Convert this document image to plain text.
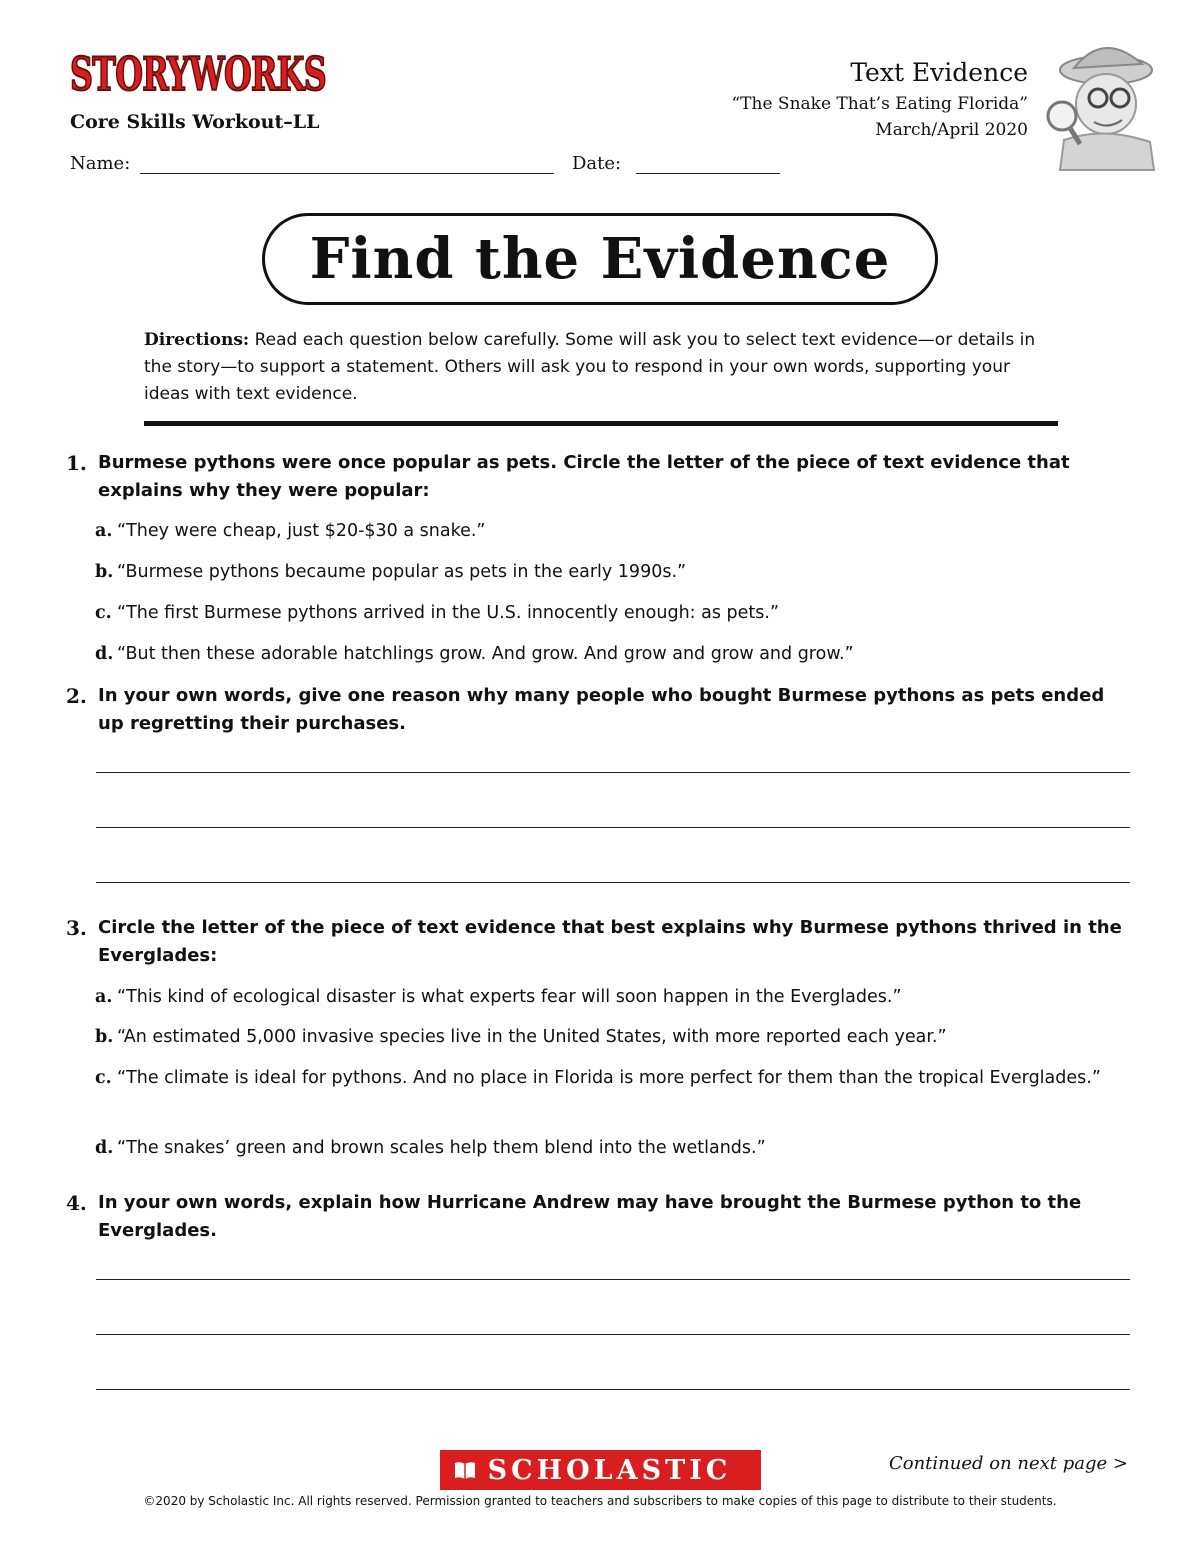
STORYWORKS
Core Skills Workout–LL
Text Evidence
“The Snake That’s Eating Florida”
March/April 2020
Name:	Date:
Find the Evidence
Directions: Read each question below carefully. Some will ask you to select text evidence—or details in the story—to support a statement. Others will ask you to respond in your own words, supporting your ideas with text evidence.
1. Burmese pythons were once popular as pets. Circle the letter of the piece of text evidence that explains why they were popular:
a. “They were cheap, just $20-$30 a snake.”
b. “Burmese pythons becaume popular as pets in the early 1990s.”
c. “The first Burmese pythons arrived in the U.S. innocently enough: as pets.”
d. “But then these adorable hatchlings grow. And grow. And grow and grow and grow.”
2. In your own words, give one reason why many people who bought Burmese pythons as pets ended up regretting their purchases.
3. Circle the letter of the piece of text evidence that best explains why Burmese pythons thrived in the Everglades:
a. “This kind of ecological disaster is what experts fear will soon happen in the Everglades.”
b. “An estimated 5,000 invasive species live in the United States, with more reported each year.”
c. “The climate is ideal for pythons. And no place in Florida is more perfect for them than the tropical Everglades.”
d. “The snakes’ green and brown scales help them blend into the wetlands.”
4. In your own words, explain how Hurricane Andrew may have brought the Burmese python to the Everglades.
SCHOLASTIC	Continued on next page >
©2020 by Scholastic Inc. All rights reserved. Permission granted to teachers and subscribers to make copies of this page to distribute to their students.
